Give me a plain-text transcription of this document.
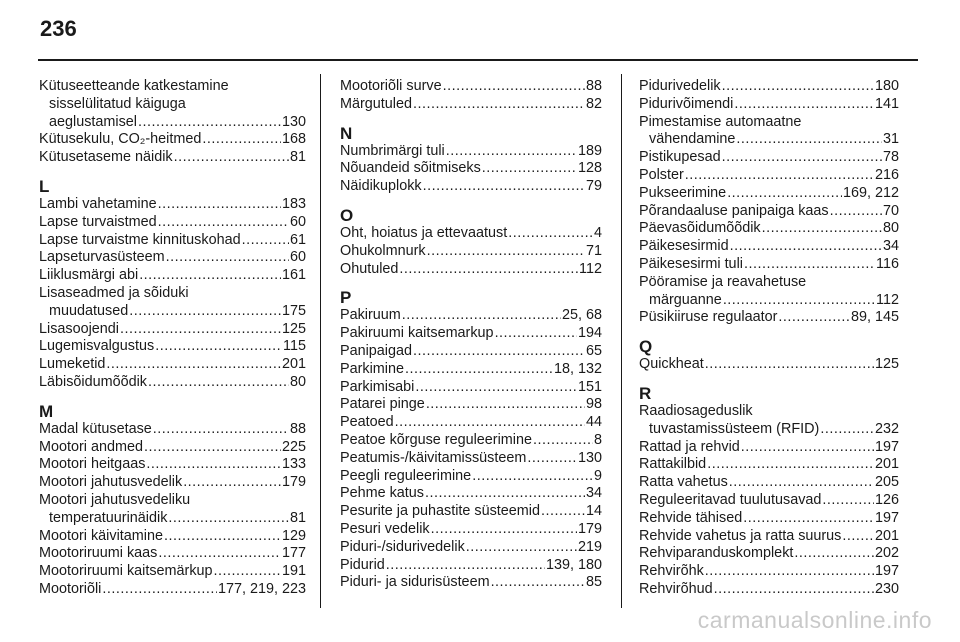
236
Kütuseetteande katkestamine
sisselülitatud käiguga
aeglustamisel .....	130
Kütusekulu, CO₂-heitmed .....	168
Kütusetaseme näidik .....	81
L
Lambi vahetamine .....	183
Lapse turvaistmed .....	60
Lapse turvaistme kinnituskohad .....	61
Lapseturvasüsteem .....	60
Liiklusmärgi abi .....	161
Lisaseadmed ja sõiduki
muudatused .....	175
Lisasoojendi .....	125
Lugemisvalgustus .....	115
Lumeketid .....	201
Läbisõidumõõdik .....	80
M
Madal kütusetase .....	88
Mootori andmed .....	225
Mootori heitgaas .....	133
Mootori jahutusvedelik .....	179
Mootori jahutusvedeliku
temperatuurinäidik .....	81
Mootori käivitamine .....	129
Mootoriruumi kaas .....	177
Mootoriruumi kaitsemärkup .....	191
Mootoriõli .....	177, 219, 223
Mootoriõli surve .....	88
Märgutuled .....	82
N
Numbrimärgi tuli .....	189
Nõuandeid sõitmiseks .....	128
Näidikuplokk .....	79
O
Oht, hoiatus ja ettevaatust .....	4
Ohukolmnurk .....	71
Ohutuled .....	112
P
Pakiruum .....	25, 68
Pakiruumi kaitsemarkup .....	194
Panipaigad .....	65
Parkimine .....	18, 132
Parkimisabi .....	151
Patarei pinge .....	98
Peatoed .....	44
Peatoe kõrguse reguleerimine .....	8
Peatumis-/käivitamissüsteem .....	130
Peegli reguleerimine .....	9
Pehme katus .....	34
Pesurite ja puhastite süsteemid .....	14
Pesuri vedelik .....	179
Piduri-/sidurivedelik .....	219
Pidurid .....	139, 180
Piduri- ja sidurisüsteem .....	85
Pidurivedelik .....	180
Pidurivõimendi .....	141
Pimestamise automaatne
vähendamine .....	31
Pistikupesad .....	78
Polster .....	216
Pukseerimine .....	169, 212
Põrandaaluse panipaiga kaas .....	70
Päevasõidumõõdik .....	80
Päikesesirmid .....	34
Päikesesirmi tuli .....	116
Pööramise ja reavahetuse
märguanne .....	112
Püsikiiruse regulaator .....	89, 145
Q
Quickheat .....	125
R
Raadiosageduslik
tuvastamissüsteem (RFID) .....	232
Rattad ja rehvid .....	197
Rattakilbid .....	201
Ratta vahetus .....	205
Reguleeritavad tuulutusavad .....	126
Rehvide tähised .....	197
Rehvide vahetus ja ratta suurus ..... 201
Rehviparanduskomplekt .....	202
Rehvirõhk .....	197
Rehvirõhud .....	230
carmanualsonline.info
